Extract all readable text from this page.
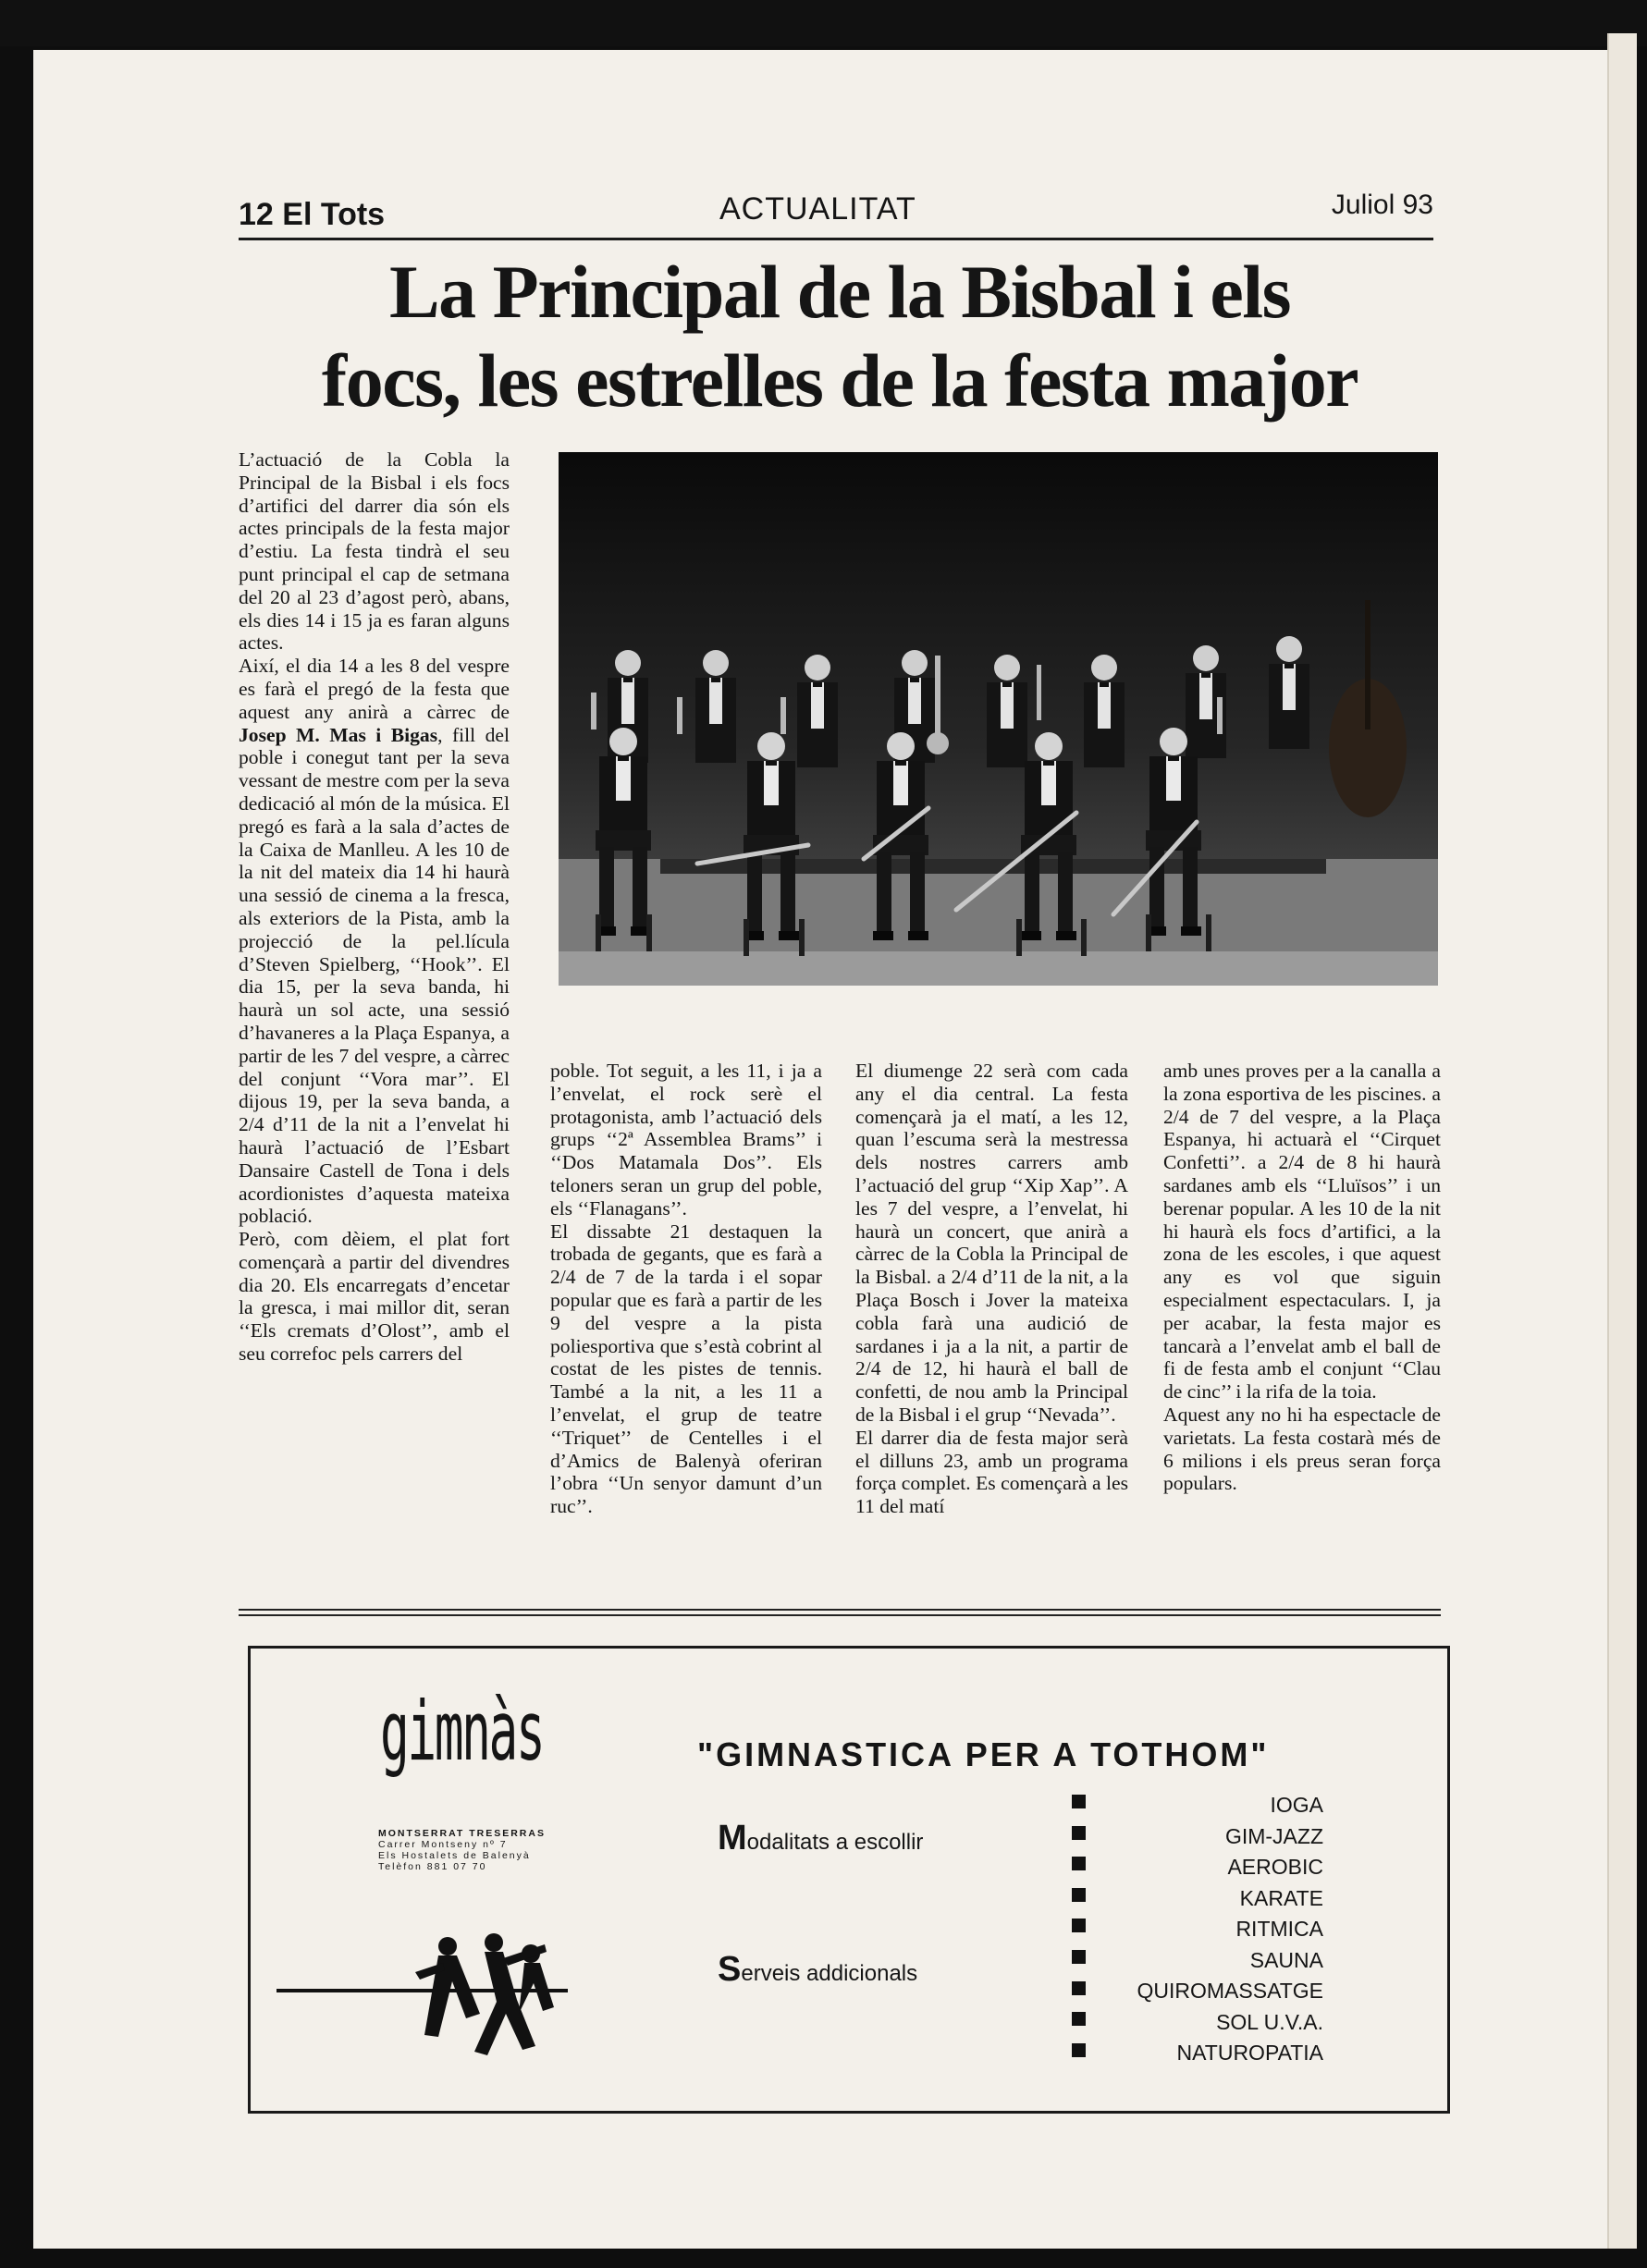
12 El Tots	ACTUALITAT	Juliol 93
La Principal de la Bisbal i els
focs, les estrelles de la festa major

L’actuació de la Cobla la Principal de la Bisbal i els focs d’artifici del darrer dia són els actes principals de la festa major d’estiu. La festa tindrà el seu punt principal el cap de setmana del 20 al 23 d’agost però, abans, els dies 14 i 15 ja es faran alguns actes.

Així, el dia 14 a les 8 del vespre es farà el pregó de la festa que aquest any anirà a càrrec de Josep M. Mas i Bigas, fill del poble i conegut tant per la seva vessant de mestre com per la seva dedicació al món de la música. El pregó es farà a la sala d’actes de la Caixa de Manlleu. A les 10 de la nit del mateix dia 14 hi haurà una sessió de cinema a la fresca, als exteriors de la Pista, amb la projecció de la pel.lícula d’Steven Spielberg, ‘‘Hook’’. El dia 15, per la seva banda, hi haurà un sol acte, una sessió d’havaneres a la Plaça Espanya, a partir de les 7 del vespre, a càrrec del conjunt ‘‘Vora mar’’. El dijous 19, per la seva banda, a 2/4 d’11 de la nit a l’envelat hi haurà l’actuació de l’Esbart Dansaire Castell de Tona i dels acordionistes d’aquesta mateixa població.

Però, com dèiem, el plat fort començarà a partir del divendres dia 20. Els encarregats d’encetar la gresca, i mai millor dit, seran ‘‘Els cremats d’Olost’’, amb el seu correfoc pels carrers del

poble. Tot seguit, a les 11, i ja a l’envelat, el rock serè el protagonista, amb l’actuació dels grups ‘‘2ª Assemblea Brams’’ i ‘‘Dos Matamala Dos’’. Els teloners seran un grup del poble, els ‘‘Flanagans’’.

El dissabte 21 destaquen la trobada de gegants, que es farà a 2/4 de 7 de la tarda i el sopar popular que es farà a partir de les 9 del vespre a la pista poliesportiva que s’està cobrint al costat de les pistes de tennis. També a la nit, a les 11 a l’envelat, el grup de teatre ‘‘Triquet’’ de Centelles i el d’Amics de Balenyà oferiran l’obra ‘‘Un senyor damunt d’un ruc’’.

El diumenge 22 serà com cada any el dia central. La festa començarà ja el matí, a les 12, quan l’escuma serà la mestressa dels nostres carrers amb l’actuació del grup ‘‘Xip Xap’’. A les 7 del vespre, a l’envelat, hi haurà un concert, que anirà a càrrec de la Cobla la Principal de la Bisbal. a 2/4 d’11 de la nit, a la Plaça Bosch i Jover la mateixa cobla farà una audició de sardanes i ja a la nit, a partir de 2/4 de 12, hi haurà el ball de confetti, de nou amb la Principal de la Bisbal i el grup ‘‘Nevada’’.

El darrer dia de festa major serà el dilluns 23, amb un programa força complet. Es començarà a les 11 del matí

amb unes proves per a la canalla a la zona esportiva de les piscines. a 2/4 de 7 del vespre, a la Plaça Espanya, hi actuarà el ‘‘Cirquet Confetti’’. a 2/4 de 8 hi haurà sardanes amb els ‘‘Lluïsos’’ i un berenar popular. A les 10 de la nit hi haurà els focs d’artifici, a la zona de les escoles, i que aquest any es vol que siguin especialment espectaculars. I, ja per acabar, la festa major es tancarà a l’envelat amb el ball de fi de festa amb el conjunt ‘‘Clau de cinc’’ i la rifa de la toia.

Aquest any no hi ha espectacle de varietats. La festa costarà més de 6 milions i els preus seran força populars.

gimnàs
MONTSERRAT TRESERRAS
Carrer Montseny nº 7
Els Hostalets de Balenyà
Telèfon 881 07 70
"GIMNASTICA PER A TOTHOM"
Modalitats a escollir
Serveis addicionals
IOGA
GIM-JAZZ
AEROBIC
KARATE
RITMICA
SAUNA
QUIROMASSATGE
SOL U.V.A.
NATUROPATIA
